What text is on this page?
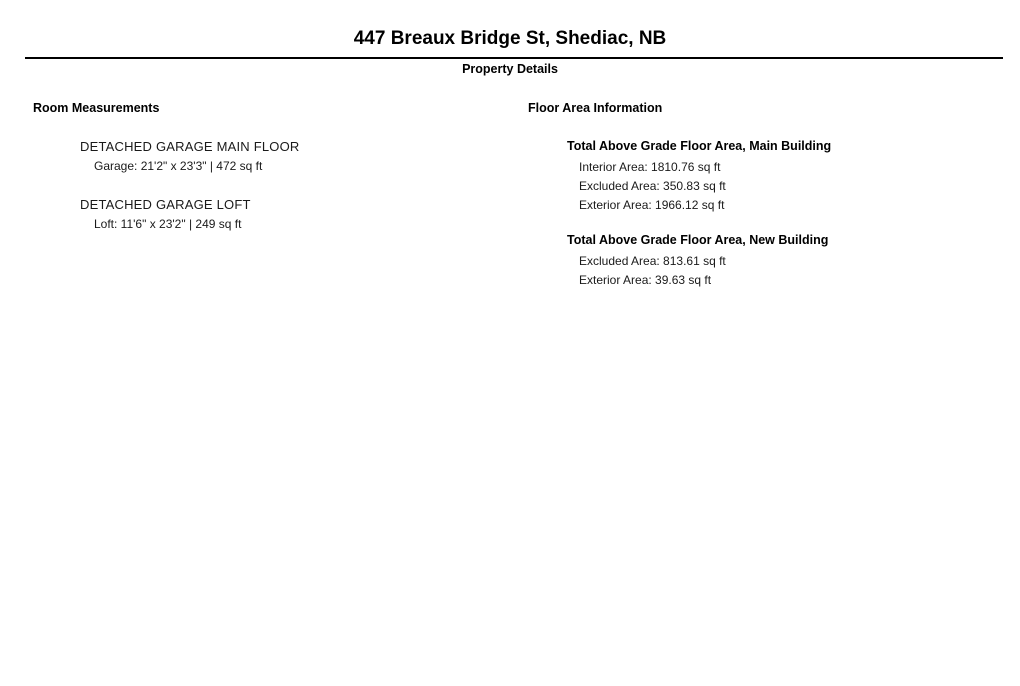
447 Breaux Bridge St, Shediac, NB
Property Details
Room Measurements
DETACHED GARAGE MAIN FLOOR
Garage: 21'2" x 23'3" | 472 sq ft
DETACHED GARAGE LOFT
Loft: 11'6" x 23'2" | 249 sq ft
Floor Area Information
Total Above Grade Floor Area, Main Building
Interior Area: 1810.76 sq ft
Excluded Area: 350.83 sq ft
Exterior Area: 1966.12 sq ft
Total Above Grade Floor Area, New Building
Excluded Area: 813.61 sq ft
Exterior Area: 39.63 sq ft
